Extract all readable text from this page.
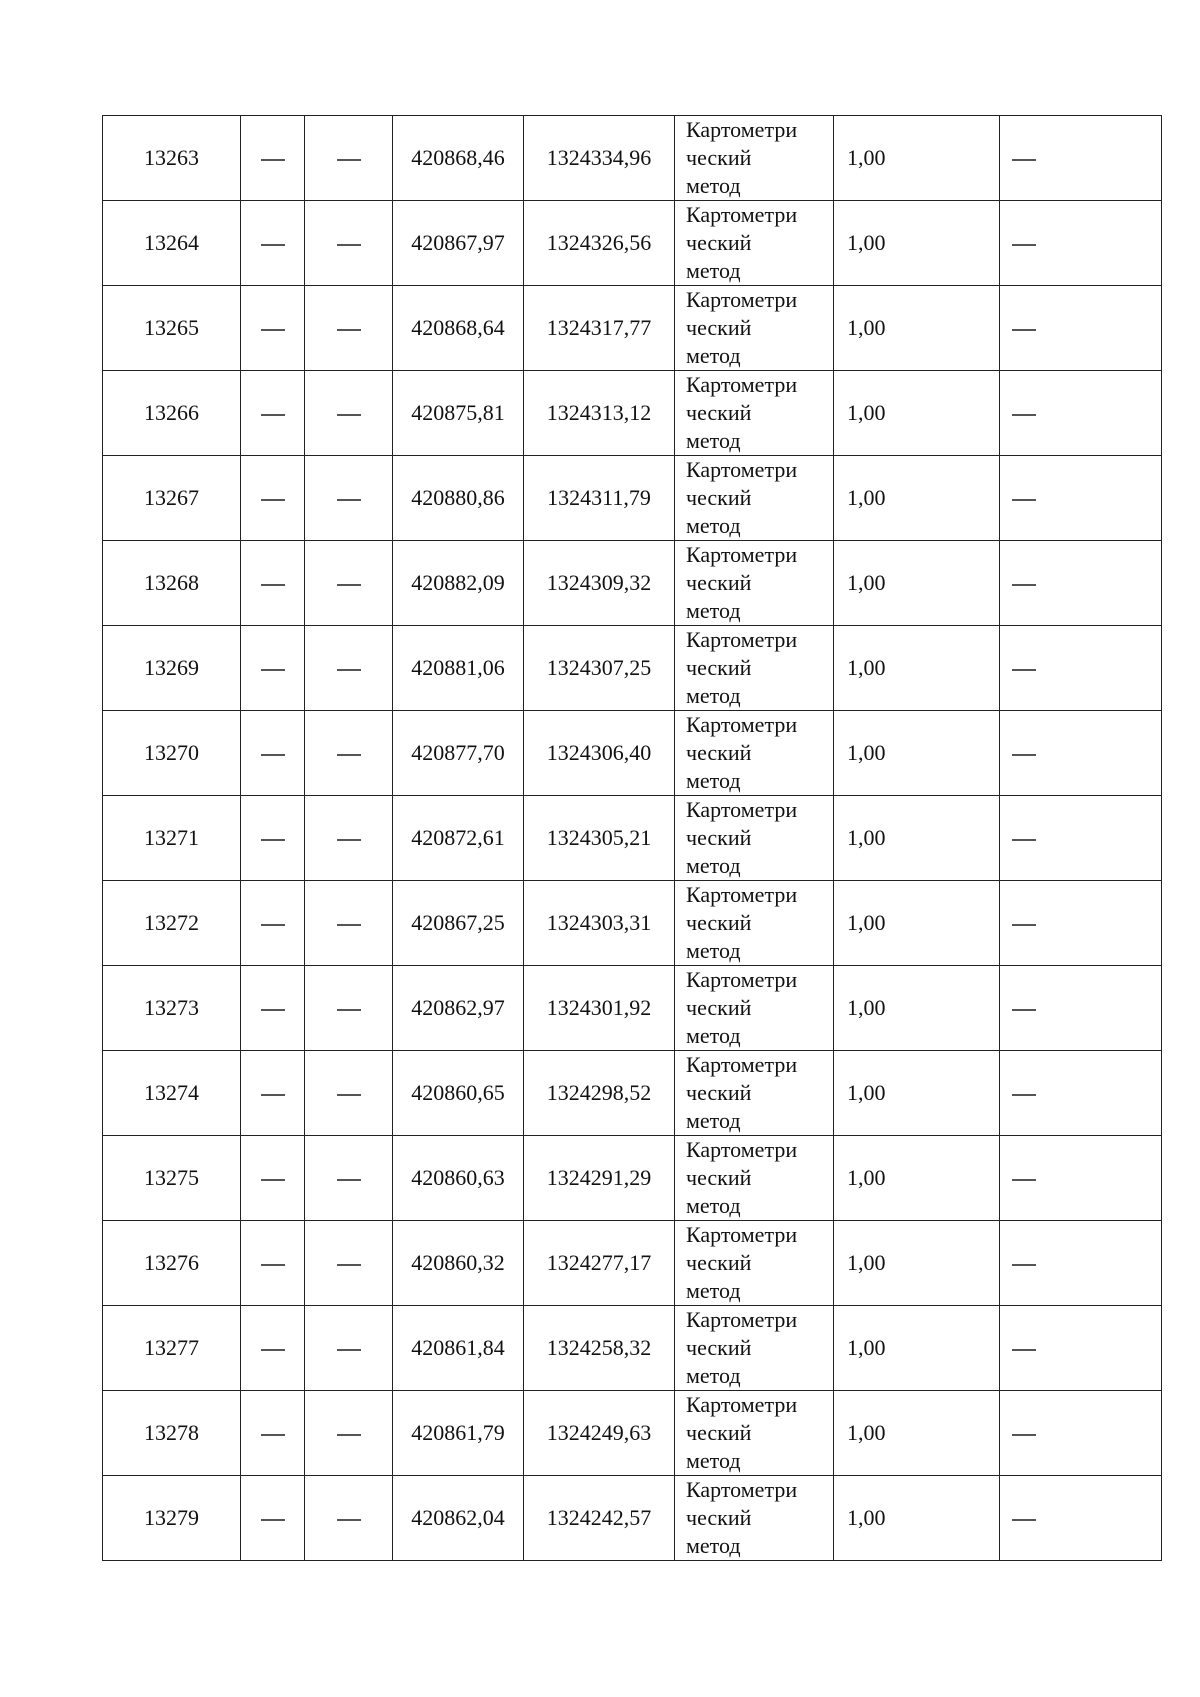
13263			420868,46	1324334,96	Картометри
ческий
метод	1,00	
13264			420867,97	1324326,56	Картометри
ческий
метод	1,00	
13265			420868,64	1324317,77	Картометри
ческий
метод	1,00	
13266			420875,81	1324313,12	Картометри
ческий
метод	1,00	
13267			420880,86	1324311,79	Картометри
ческий
метод	1,00	
13268			420882,09	1324309,32	Картометри
ческий
метод	1,00	
13269			420881,06	1324307,25	Картометри
ческий
метод	1,00	
13270			420877,70	1324306,40	Картометри
ческий
метод	1,00	
13271			420872,61	1324305,21	Картометри
ческий
метод	1,00	
13272			420867,25	1324303,31	Картометри
ческий
метод	1,00	
13273			420862,97	1324301,92	Картометри
ческий
метод	1,00	
13274			420860,65	1324298,52	Картометри
ческий
метод	1,00	
13275			420860,63	1324291,29	Картометри
ческий
метод	1,00	
13276			420860,32	1324277,17	Картометри
ческий
метод	1,00	
13277			420861,84	1324258,32	Картометри
ческий
метод	1,00	
13278			420861,79	1324249,63	Картометри
ческий
метод	1,00	
13279			420862,04	1324242,57	Картометри
ческий
метод	1,00	
